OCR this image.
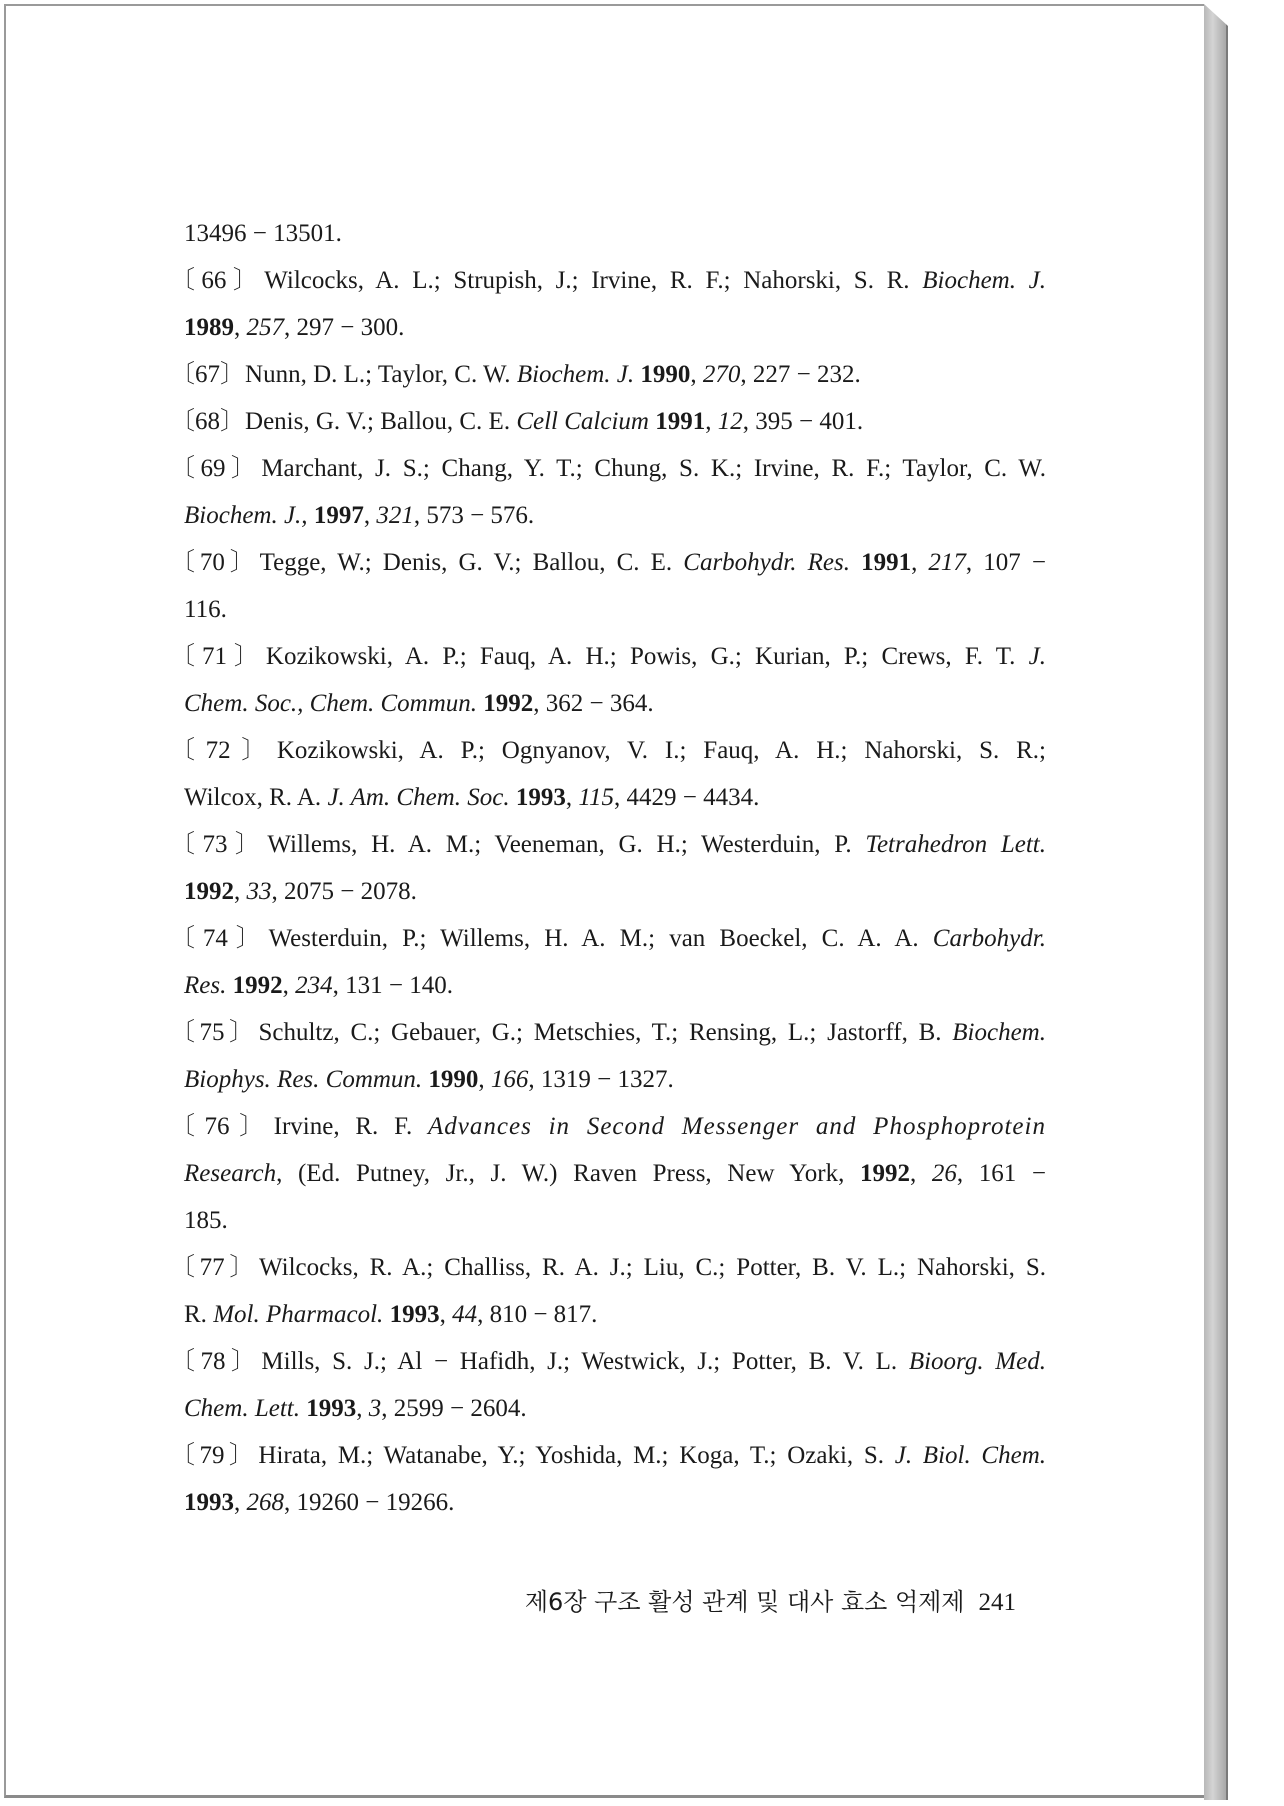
13496 − 13501.
〔66〕Wilcocks, A. L.; Strupish, J.; Irvine, R. F.; Nahorski, S. R. Biochem. J.
1989, 257, 297 − 300.
〔67〕Nunn, D. L.; Taylor, C. W. Biochem. J. 1990, 270, 227 − 232.
〔68〕Denis, G. V.; Ballou, C. E. Cell Calcium 1991, 12, 395 − 401.
〔69〕Marchant, J. S.; Chang, Y. T.; Chung, S. K.; Irvine, R. F.; Taylor, C. W.
Biochem. J., 1997, 321, 573 − 576.
〔70〕Tegge, W.; Denis, G. V.; Ballou, C. E. Carbohydr. Res. 1991, 217, 107 −
116.
〔71〕Kozikowski, A. P.; Fauq, A. H.; Powis, G.; Kurian, P.; Crews, F. T. J.
Chem. Soc., Chem. Commun. 1992, 362 − 364.
〔72〕Kozikowski, A. P.; Ognyanov, V. I.; Fauq, A. H.; Nahorski, S. R.;
Wilcox, R. A. J. Am. Chem. Soc. 1993, 115, 4429 − 4434.
〔73〕Willems, H. A. M.; Veeneman, G. H.; Westerduin, P. Tetrahedron Lett.
1992, 33, 2075 − 2078.
〔74〕Westerduin, P.; Willems, H. A. M.; van Boeckel, C. A. A. Carbohydr.
Res. 1992, 234, 131 − 140.
〔75〕Schultz, C.; Gebauer, G.; Metschies, T.; Rensing, L.; Jastorff, B. Biochem.
Biophys. Res. Commun. 1990, 166, 1319 − 1327.
〔76〕Irvine, R. F. Advances in Second Messenger and Phosphoprotein
Research, (Ed. Putney, Jr., J. W.) Raven Press, New York, 1992, 26, 161 −
185.
〔77〕Wilcocks, R. A.; Challiss, R. A. J.; Liu, C.; Potter, B. V. L.; Nahorski, S.
R. Mol. Pharmacol. 1993, 44, 810 − 817.
〔78〕Mills, S. J.; Al − Hafidh, J.; Westwick, J.; Potter, B. V. L. Bioorg. Med.
Chem. Lett. 1993, 3, 2599 − 2604.
〔79〕Hirata, M.; Watanabe, Y.; Yoshida, M.; Koga, T.; Ozaki, S. J. Biol. Chem.
1993, 268, 19260 − 19266.
제6장 구조 활성 관계 및 대사 효소 억제제 241
